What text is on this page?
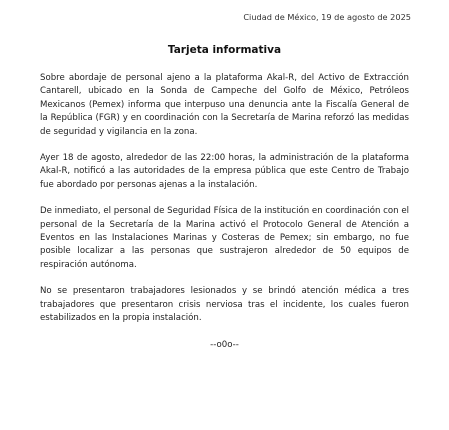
Ciudad de México, 19 de agosto de 2025
Tarjeta informativa

Sobre abordaje de personal ajeno a la plataforma Akal-R, del Activo de Extracción Cantarell, ubicado en la Sonda de Campeche del Golfo de México, Petróleos Mexicanos (Pemex) informa que interpuso una denuncia ante la Fiscalía General de la República (FGR) y en coordinación con la Secretaría de Marina reforzó las medidas de seguridad y vigilancia en la zona.

Ayer 18 de agosto, alrededor de las 22:00 horas, la administración de la plataforma Akal-R, notificó a las autoridades de la empresa pública que este Centro de Trabajo fue abordado por personas ajenas a la instalación.

De inmediato, el personal de Seguridad Física de la institución en coordinación con el personal de la Secretaría de la Marina activó el Protocolo General de Atención a Eventos en las Instalaciones Marinas y Costeras de Pemex; sin embargo, no fue posible localizar a las personas que sustrajeron alrededor de 50 equipos de respiración autónoma.

No se presentaron trabajadores lesionados y se brindó atención médica a tres trabajadores que presentaron crisis nerviosa tras el incidente, los cuales fueron estabilizados en la propia instalación.

--o0o--
